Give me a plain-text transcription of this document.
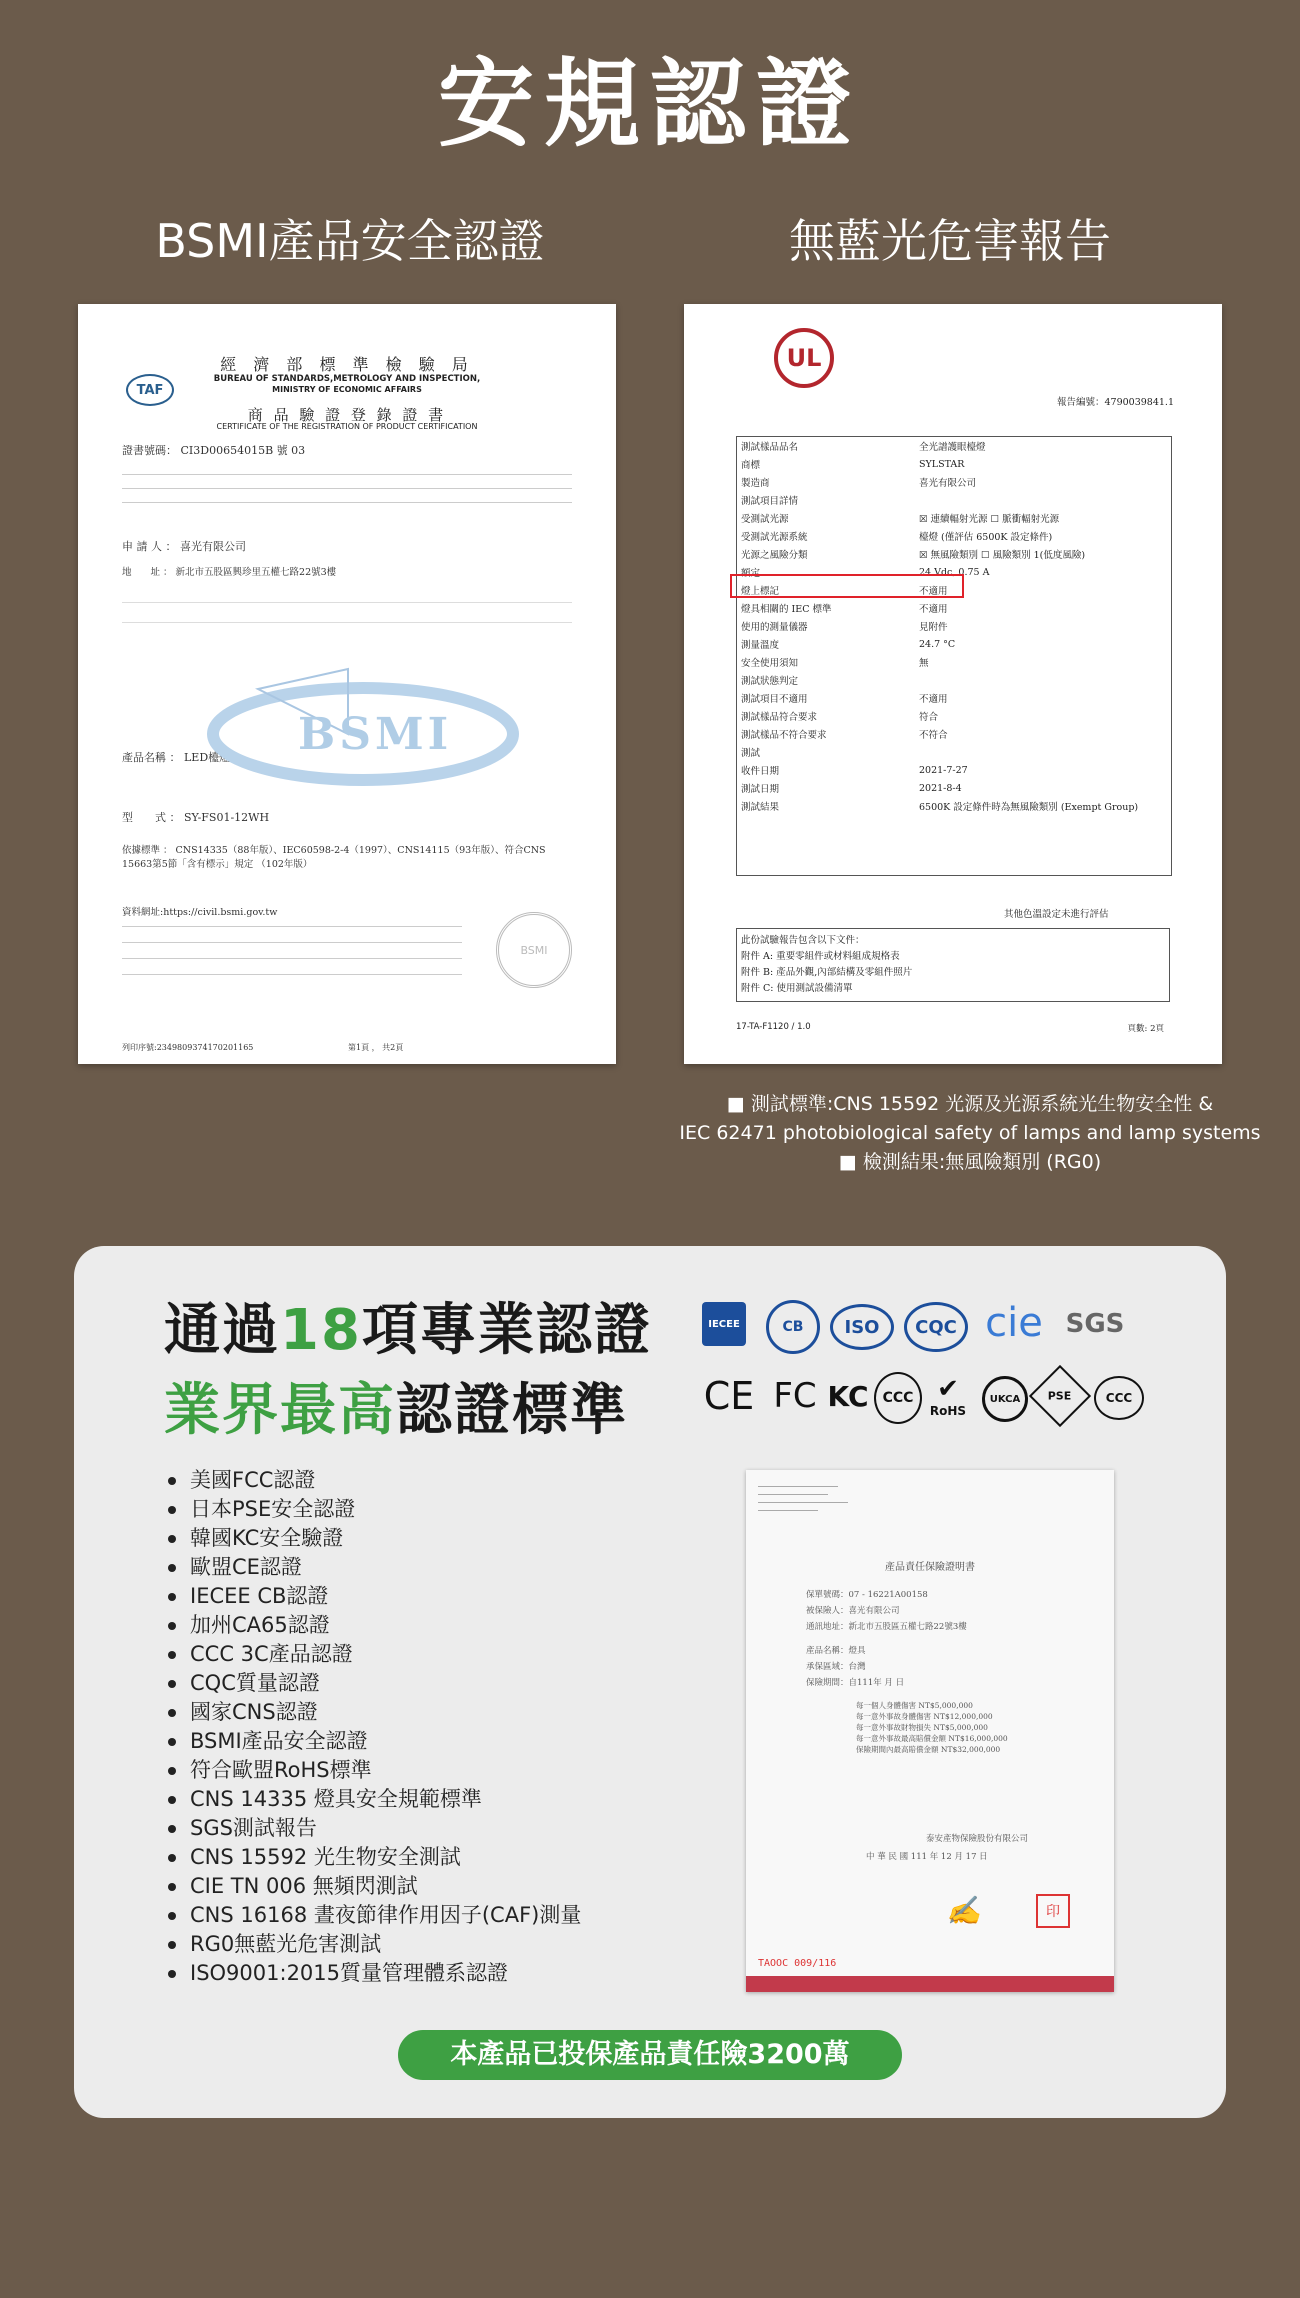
安規認證
BSMI產品安全認證	無藍光危害報告
TAF
經 濟 部 標 準 檢 驗 局
BUREAU OF STANDARDS,METROLOGY AND INSPECTION,
MINISTRY OF ECONOMIC AFFAIRS
商 品 驗 證 登 錄 證 書
CERTIFICATE OF THE REGISTRATION OF PRODUCT CERTIFICATION
證書號碼： CI3D00654015B 號 03
申 請 人 ： 喜光有限公司
地　　址 ： 新北市五股區興珍里五權七路22號3樓
產品名稱 ： LED檯燈
型　　式 ： SY-FS01-12WH
依據標準 ： CNS14335（88年版）、IEC60598-2-4（1997）、CNS14115（93年版）、符合CNS 15663第5節「含有標示」規定 （102年版）
BSMI
資料網址:https://civil.bsmi.gov.tw
BSMI
列印序號:2349809374170201165	第1頁 ， 共2頁
UL
報告編號：4790039841.1
測試樣品品名	全光譜護眼檯燈
商標	SYLSTAR
製造商	喜光有限公司
測試項目詳情	
受測試光源	☒ 連續輻射光源 ☐ 脈衝輻射光源
受測試光源系統	檯燈 (僅評估 6500K 設定條件)
光源之風險分類	☒ 無風險類別 ☐ 風險類別 1(低度風險)
額定	24 Vdc, 0.75 A
燈上標記	不適用
燈具相關的 IEC 標準	不適用
使用的測量儀器	見附件
測量溫度	24.7 °C
安全使用須知	無
測試狀態判定	
測試項目不適用	不適用
測試樣品符合要求	符合
測試樣品不符合要求	不符合
測試	
收件日期	2021-7-27
測試日期	2021-8-4
測試結果	6500K 設定條件時為無風險類別 (Exempt Group)
此份試驗報告包含以下文件：
附件 A: 重要零組件或材料組成規格表
附件 B: 產品外觀,內部結構及零組件照片
附件 C: 使用測試設備清單
其他色溫設定未進行評估
17-TA-F1120 / 1.0	頁數: 2頁
■ 測試標準:CNS 15592 光源及光源系統光生物安全性 &
IEC 62471 photobiological safety of lamps and lamp systems
■ 檢測結果:無風險類別 (RG0)
通過18項專業認證
業界最高認證標準
IECEE	CB	ISO	CQC cie SGS
CE FC KC	CCC ✔
RoHS
UKCA	PSE	CCC
美國FCC認證
日本PSE安全認證
韓國KC安全驗證
歐盟CE認證
IECEE CB認證
加州CA65認證
CCC 3C產品認證
CQC質量認證
國家CNS認證
BSMI產品安全認證
符合歐盟RoHS標準
CNS 14335 燈具安全規範標準
SGS測試報告
CNS 15592 光生物安全測試
CIE TN 006 無頻閃測試
CNS 16168 晝夜節律作用因子(CAF)測量
RG0無藍光危害測試
ISO9001:2015質量管理體系認證
產品責任保險證明書
保單號碼：07 - 16221A00158
被保險人：喜光有限公司
通訊地址：新北市五股區五權七路22號3樓
產品名稱：燈具
承保區域：台灣
保險期間：自111年 月 日
每一個人身體傷害 NT$5,000,000
每一意外事故身體傷害 NT$12,000,000
每一意外事故財物損失 NT$5,000,000
每一意外事故最高賠償金額 NT$16,000,000
保險期間內最高賠償金額 NT$32,000,000
泰安產物保險股份有限公司
中 華 民 國 111 年 12 月 17 日
✍	印
TAOOC 009/116
本產品已投保產品責任險3200萬
